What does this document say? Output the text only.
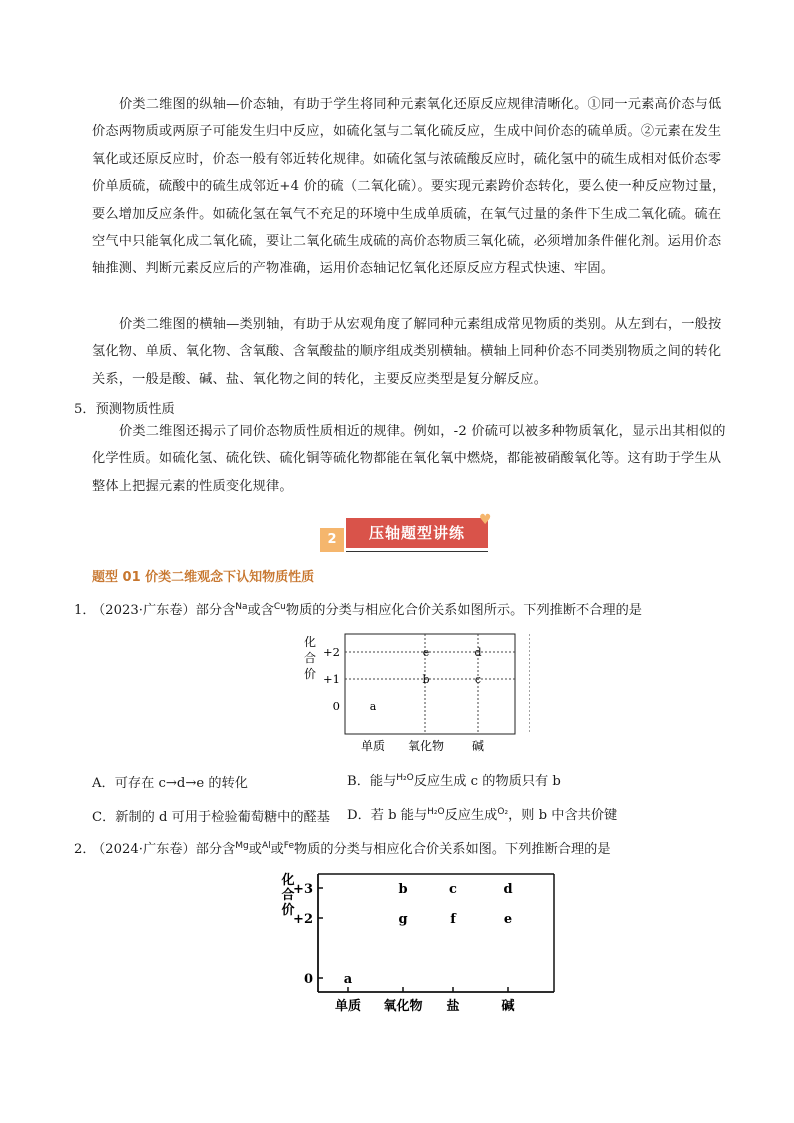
价类二维图的纵轴—价态轴，有助于学生将同种元素氧化还原反应规律清晰化。①同一元素高价态与低价态两物质或两原子可能发生归中反应，如硫化氢与二氧化硫反应，生成中间价态的硫单质。②元素在发生氧化或还原反应时，价态一般有邻近转化规律。如硫化氢与浓硫酸反应时，硫化氢中的硫生成相对低价态零价单质硫，硫酸中的硫生成邻近+4 价的硫（二氧化硫）。要实现元素跨价态转化，要么使一种反应物过量，要么增加反应条件。如硫化氢在氧气不充足的环境中生成单质硫，在氧气过量的条件下生成二氧化硫。硫在空气中只能氧化成二氧化硫，要让二氧化硫生成硫的高价态物质三氧化硫，必须增加条件催化剂。运用价态轴推测、判断元素反应后的产物准确，运用价态轴记忆氧化还原反应方程式快速、牢固。
价类二维图的横轴—类别轴，有助于从宏观角度了解同种元素组成常见物质的类别。从左到右，一般按氢化物、单质、氧化物、含氧酸、含氧酸盐的顺序组成类别横轴。横轴上同种价态不同类别物质之间的转化关系，一般是酸、碱、盐、氧化物之间的转化，主要反应类型是复分解反应。
5．预测物质性质
价类二维图还揭示了同价态物质性质相近的规律。例如，-2 价硫可以被多种物质氧化，显示出其相似的化学性质。如硫化氢、硫化铁、硫化铜等硫化物都能在氧化氧中燃烧，都能被硝酸氧化等。这有助于学生从整体上把握元素的性质变化规律。
2	压轴题型讲练
♥
题型 01 价类二维观念下认知物质性质
1．（2023·广东卷）部分含$^{Na}$或含$^{Cu}$物质的分类与相应化合价关系如图所示。下列推断不合理的是
化
合
价
+2
+1
0
单质 氧化物 碱
a
b
e
c
d
A．可存在 c→d→e 的转化	B．能与$^{H_2O}$反应生成 c 的物质只有 b
C．新制的 d 可用于检验葡萄糖中的醛基 D．若 b 能与$^{H_2O}$反应生成$^{O_2}$，则 b 中含共价键
2．（2024·广东卷）部分含$^{Mg}$或$^{Al}$或$^{Fe}$物质的分类与相应化合价关系如图。下列推断合理的是
化
合
价
+3
+2
0
单质 氧化物 盐	碱
a
b
g
c
f
d
e
